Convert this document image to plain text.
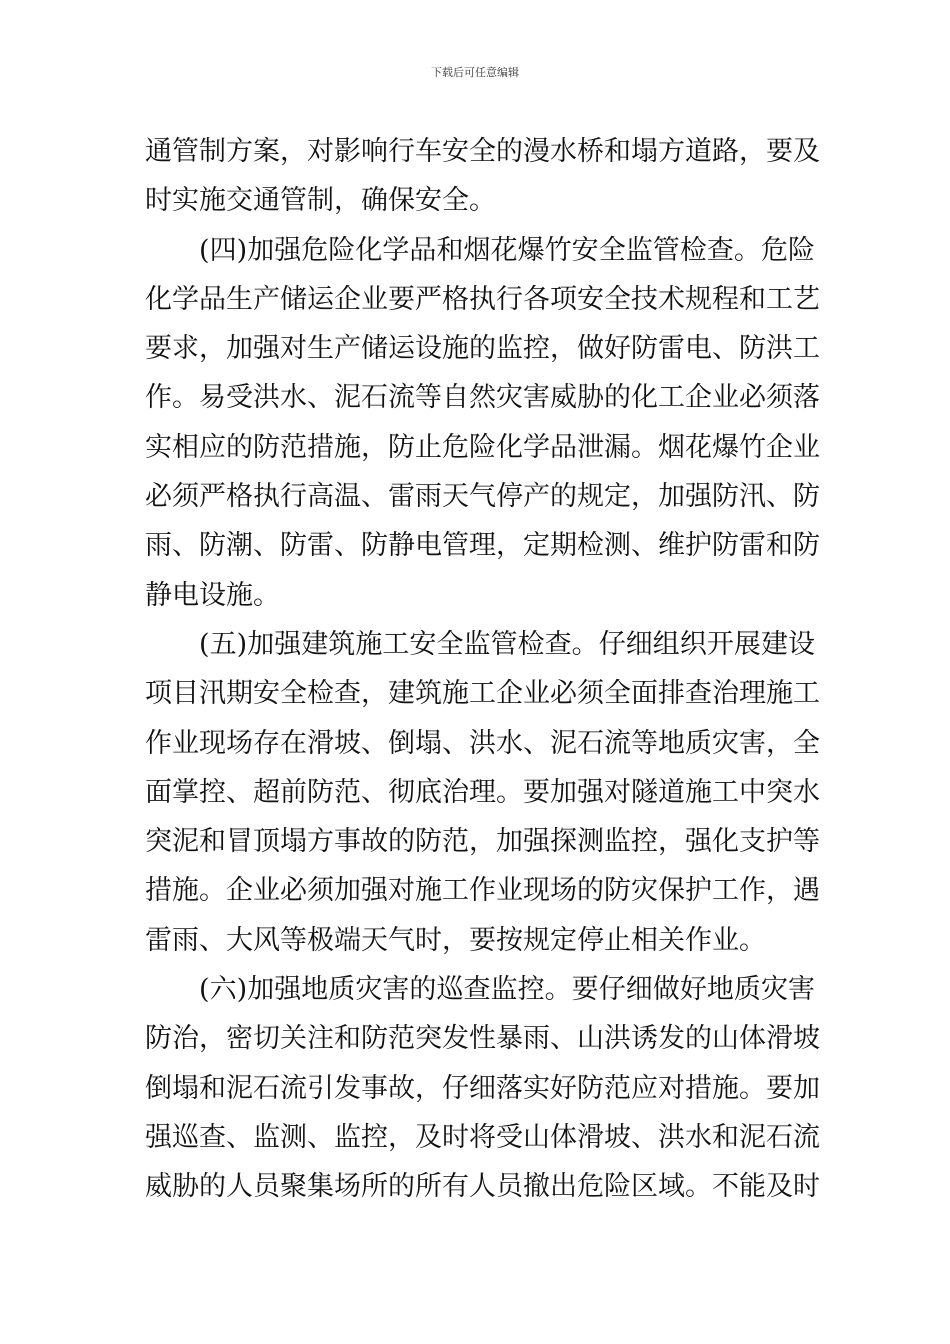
下载后可任意编辑
通管制方案，对影响行车安全的漫水桥和塌方道路，要及
时实施交通管制，确保安全。
(四)加强危险化学品和烟花爆竹安全监管检查。危险
化学品生产储运企业要严格执行各项安全技术规程和工艺
要求，加强对生产储运设施的监控，做好防雷电、防洪工
作。易受洪水、泥石流等自然灾害威胁的化工企业必须落
实相应的防范措施，防止危险化学品泄漏。烟花爆竹企业
必须严格执行高温、雷雨天气停产的规定，加强防汛、防
雨、防潮、防雷、防静电管理，定期检测、维护防雷和防
静电设施。
(五)加强建筑施工安全监管检查。仔细组织开展建设
项目汛期安全检查，建筑施工企业必须全面排查治理施工
作业现场存在滑坡、倒塌、洪水、泥石流等地质灾害，全
面掌控、超前防范、彻底治理。要加强对隧道施工中突水
突泥和冒顶塌方事故的防范，加强探测监控，强化支护等
措施。企业必须加强对施工作业现场的防灾保护工作，遇
雷雨、大风等极端天气时，要按规定停止相关作业。
(六)加强地质灾害的巡查监控。要仔细做好地质灾害
防治，密切关注和防范突发性暴雨、山洪诱发的山体滑坡
倒塌和泥石流引发事故，仔细落实好防范应对措施。要加
强巡查、监测、监控，及时将受山体滑坡、洪水和泥石流
威胁的人员聚集场所的所有人员撤出危险区域。不能及时
